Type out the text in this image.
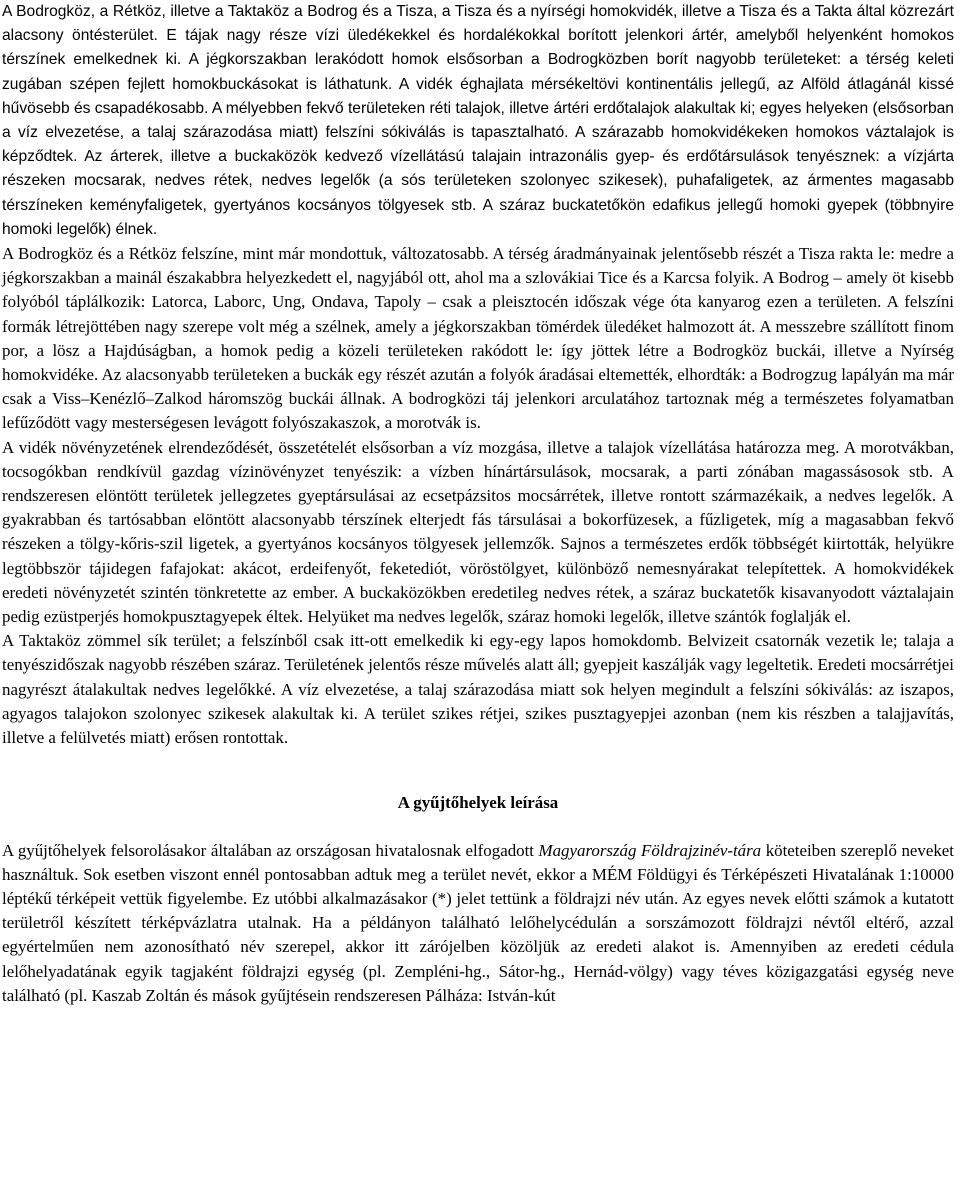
A Bodrogköz, a Rétköz, illetve a Taktaköz a Bodrog és a Tisza, a Tisza és a nyírségi homokvidék, illetve a Tisza és a Takta által közrezárt alacsony öntésterület. E tájak nagy része vízi üledékekkel és hordalékokkal borított jelenkori ártér, amelyből helyenként homokos térszínek emelkednek ki. A jégkorszakban lerakódott homok elsősorban a Bodrogközben borít nagyobb területeket: a térség keleti zugában szépen fejlett homokbuckásokat is láthatunk. A vidék éghajlata mérsékeltövi kontinentális jellegű, az Alföld átlagánál kissé hűvösebb és csapadékosabb. A mélyebben fekvő területeken réti talajok, illetve ártéri erdőtalajok alakultak ki; egyes helyeken (elsősorban a víz elvezetése, a talaj szárazodása miatt) felszíni sókiválás is tapasztalható. A szárazabb homokvidékeken homokos váztalajok is képződtek. Az árterek, illetve a buckaközök kedvező vízellátású talajain intrazonális gyep- és erdőtársulások tenyésznek: a vízjárta részeken mocsarak, nedves rétek, nedves legelők (a sós területeken szolonyec szikesek), puhafaligetek, az ármentes magasabb térszíneken keményfaligetek, gyertyános kocsányos tölgyesek stb. A száraz buckatetőkön edafikus jellegű homoki gyepek (többnyire homoki legelők) élnek.

A Bodrogköz és a Rétköz felszíne, mint már mondottuk, változatosabb. A térség áradmányainak jelentősebb részét a Tisza rakta le: medre a jégkorszakban a mainál északabbra helyezkedett el, nagyjából ott, ahol ma a szlovákiai Tice és a Karcsa folyik. A Bodrog – amely öt kisebb folyóból táplálkozik: Latorca, Laborc, Ung, Ondava, Tapoly – csak a pleisztocén időszak vége óta kanyarog ezen a területen. A felszíni formák létrejöttében nagy szerepe volt még a szélnek, amely a jégkorszakban tömérdek üledéket halmozott át. A messzebre szállított finom por, a lösz a Hajdúságban, a homok pedig a közeli területeken rakódott le: így jöttek létre a Bodrogköz buckái, illetve a Nyírség homokvidéke. Az alacsonyabb területeken a buckák egy részét azután a folyók áradásai eltemették, elhordták: a Bodrogzug lapályán ma már csak a Viss–Kenézlő–Zalkod háromszög buckái állnak. A bodrogközi táj jelenkori arculatához tartoznak még a természetes folyamatban lefűződött vagy mesterségesen levágott folyószakaszok, a morotvák is.

A vidék növényzetének elrendeződését, összetételét elsősorban a víz mozgása, illetve a talajok vízellátása határozza meg. A morotvákban, tocsogókban rendkívül gazdag vízinövényzet tenyészik: a vízben hínártársulások, mocsarak, a parti zónában magassásosok stb. A rendszeresen elöntött területek jellegzetes gyeptársulásai az ecsetpázsitos mocsárrétek, illetve rontott származékaik, a nedves legelők. A gyakrabban és tartósabban elöntött alacsonyabb térszínek elterjedt fás társulásai a bokorfüzesek, a fűzligetek, míg a magasabban fekvő részeken a tölgy-kőris-szil ligetek, a gyertyános kocsányos tölgyesek jellemzők. Sajnos a természetes erdők többségét kiirtották, helyükre legtöbbször tájidegen fafajokat: akácot, erdeifenyőt, feketediót, vöröstölgyet, különböző nemesnyárakat telepítettek. A homokvidékek eredeti növényzetét szintén tönkretette az ember. A buckaközökben eredetileg nedves rétek, a száraz buckatetők kisavanyodott váztalajain pedig ezüstperjés homokpusztagyepek éltek. Helyüket ma nedves legelők, száraz homoki legelők, illetve szántók foglalják el.

A Taktaköz zömmel sík terület; a felszínből csak itt-ott emelkedik ki egy-egy lapos homokdomb. Belvizeit csatornák vezetik le; talaja a tenyészidőszak nagyobb részében száraz. Területének jelentős része művelés alatt áll; gyepjeit kaszálják vagy legeltetik. Eredeti mocsárrétjei nagyrészt átalakultak nedves legelőkké. A víz elvezetése, a talaj szárazodása miatt sok helyen megindult a felszíni sókiválás: az iszapos, agyagos talajokon szolonyec szikesek alakultak ki. A terület szikes rétjei, szikes pusztagyepjei azonban (nem kis részben a talajjavítás, illetve a felülvetés miatt) erősen rontottak.

A gyűjtőhelyek leírása

A gyűjtőhelyek felsorolásakor általában az országosan hivatalosnak elfogadott Magyarország Földrajzinév-tára köteteiben szereplő neveket használtuk. Sok esetben viszont ennél pontosabban adtuk meg a terület nevét, ekkor a MÉM Földügyi és Térképészeti Hivatalának 1:10000 léptékű térképeit vettük figyelembe. Ez utóbbi alkalmazásakor (*) jelet tettünk a földrajzi név után. Az egyes nevek előtti számok a kutatott területről készített térképvázlatra utalnak. Ha a példányon található lelőhelycédulán a sorszámozott földrajzi névtől eltérő, azzal egyértelműen nem azonosítható név szerepel, akkor itt zárójelben közöljük az eredeti alakot is. Amennyiben az eredeti cédula lelőhelyadatának egyik tagjaként földrajzi egység (pl. Zempléni-hg., Sátor-hg., Hernád-völgy) vagy téves közigazgatási egység neve található (pl. Kaszab Zoltán és mások gyűjtésein rendszeresen Pálháza: István-kút
